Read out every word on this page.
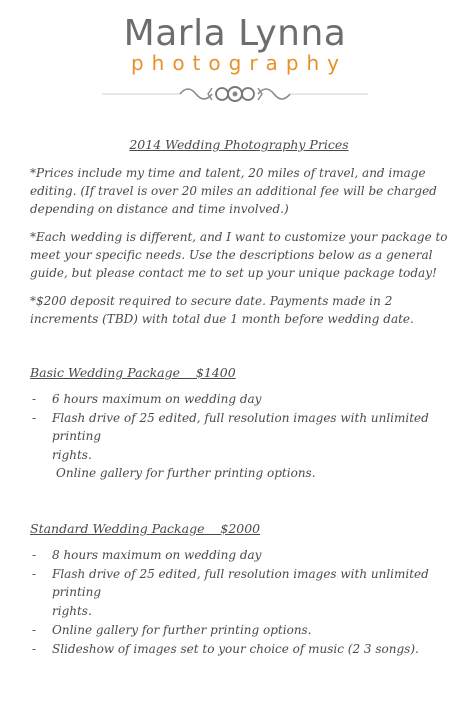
Marla Lynna
photography

2014 Wedding Photography Prices

*Prices include my time and talent, 20 miles of travel, and image editing. (If travel is over 20 miles an additional fee will be charged depending on distance and time involved.)

*Each wedding is different, and I want to customize your package to meet your specific needs. Use the descriptions below as a general guide, but please contact me to set up your unique package today!

*$200 deposit required to secure date. Payments made in 2 increments (TBD) with total due 1 month before wedding date.

Basic Wedding Package    $1400

- 6 hours maximum on wedding day
- Flash drive of 25 edited, full resolution images with unlimited printing

rights.

Online gallery for further printing options.

Standard Wedding Package    $2000

- 8 hours maximum on wedding day
- Flash drive of 25 edited, full resolution images with unlimited printing

rights.

- Online gallery for further printing options.
- Slideshow of images set to your choice of music (2 3 songs).
